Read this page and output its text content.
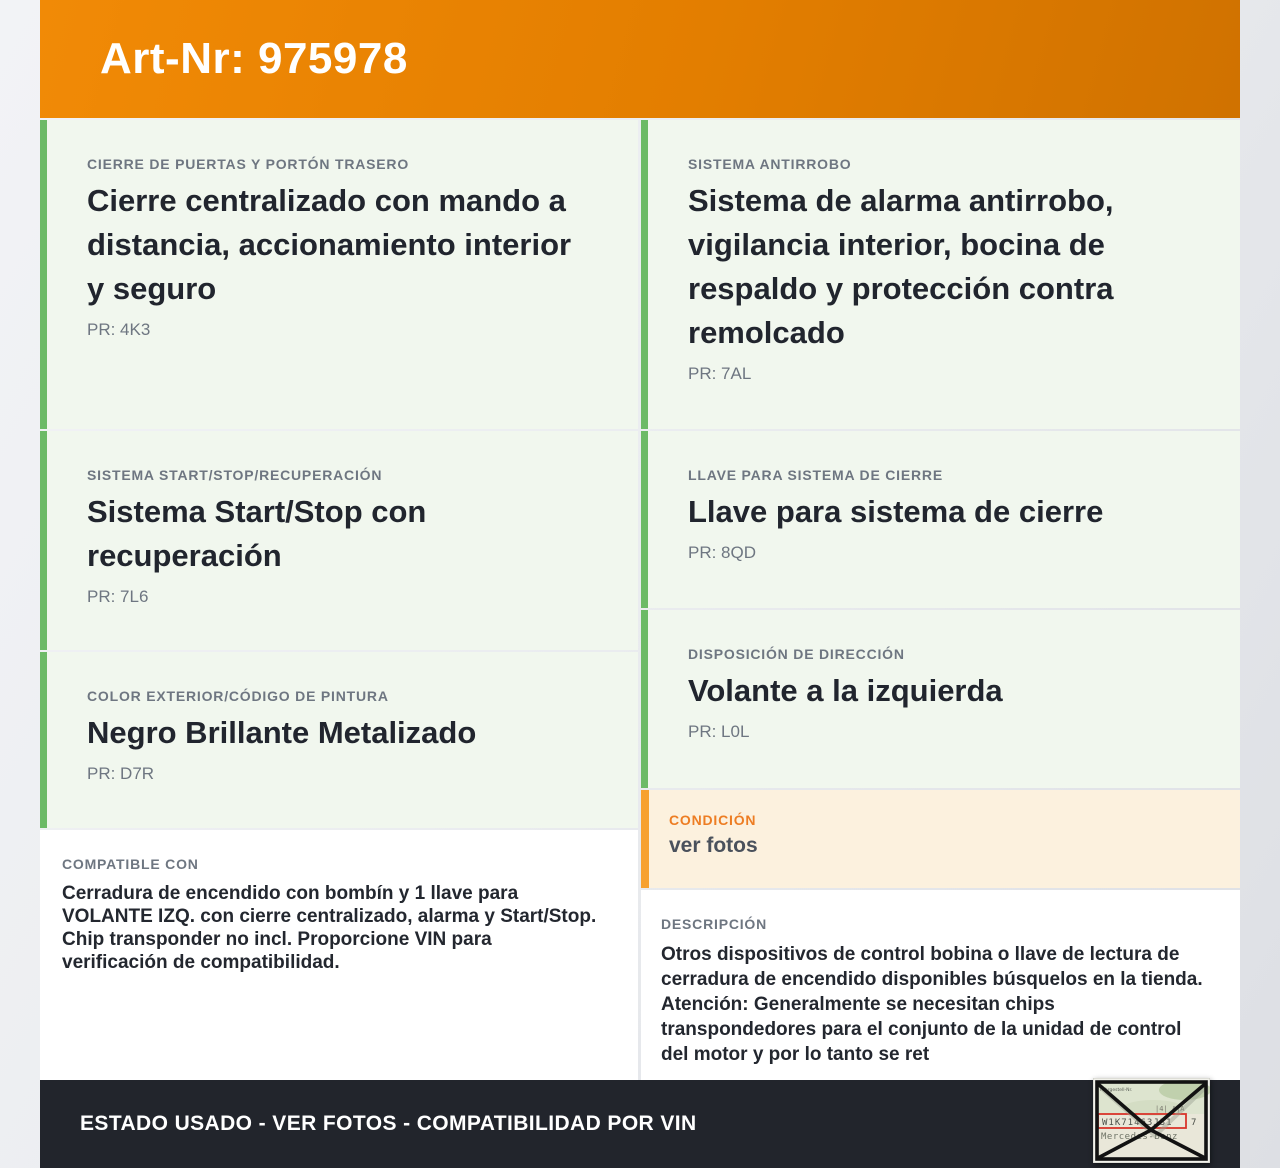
Art-Nr: 975978
CIERRE DE PUERTAS Y PORTÓN TRASERO
Cierre centralizado con mando a distancia, accionamiento interior y seguro
PR: 4K3
SISTEMA START/STOP/RECUPERACIÓN
Sistema Start/Stop con recuperación
PR: 7L6
COLOR EXTERIOR/CÓDIGO DE PINTURA
Negro Brillante Metalizado
PR: D7R
COMPATIBLE CON

Cerradura de encendido con bombín y 1 llave para VOLANTE IZQ. con cierre centralizado, alarma y Start/Stop. Chip transponder no incl. Proporcione VIN para verificación de compatibilidad.

SISTEMA ANTIRROBO
Sistema de alarma antirrobo, vigilancia interior, bocina de respaldo y protección contra remolcado
PR: 7AL
LLAVE PARA SISTEMA DE CIERRE
Llave para sistema de cierre
PR: 8QD
DISPOSICIÓN DE DIRECCIÓN
Volante a la izquierda
PR: L0L
CONDICIÓN
ver fotos
DESCRIPCIÓN

Otros dispositivos de control bobina o llave de lectura de cerradura de encendido disponibles búsquelos en la tienda. Atención: Generalmente se necesitan chips transpondedores para el conjunto de la unidad de control del motor y por lo tanto se ret

ESTADO USADO - VER FOTOS - COMPATIBILIDAD POR VIN
Fahrgestell-Nr.
|4| A|A
W1K71463J31 7
Mercedes-Benz
